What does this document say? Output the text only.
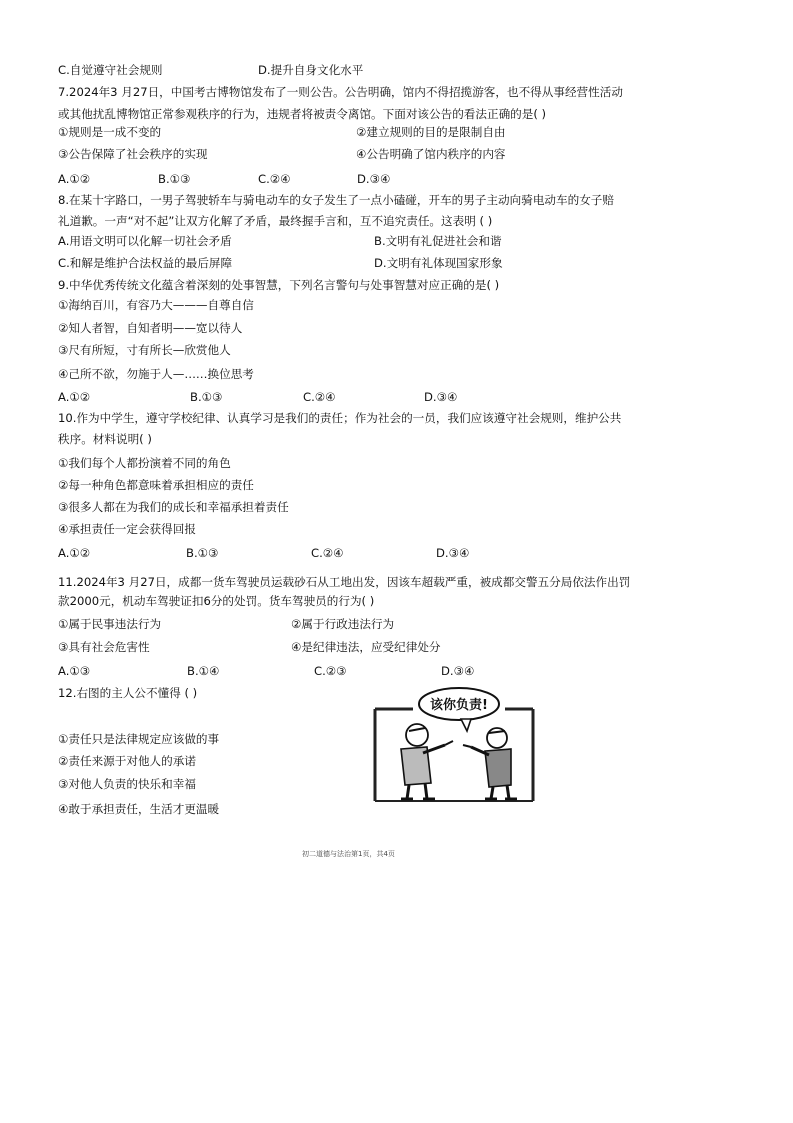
C.自觉遵守社会规则	D.提升自身文化水平
7.2024年3 月27日，中国考古博物馆发布了一则公告。公告明确，馆内不得招揽游客，也不得从事经营性活动
或其他扰乱博物馆正常参观秩序的行为，违规者将被责令离馆。下面对该公告的看法正确的是( )
①规则是一成不变的	②建立规则的目的是限制自由
③公告保障了社会秩序的实现	④公告明确了馆内秩序的内容
A.①②	B.①③	C.②④	D.③④
8.在某十字路口，一男子驾驶轿车与骑电动车的女子发生了一点小磕碰，开车的男子主动向骑电动车的女子赔
礼道歉。一声“对不起”让双方化解了矛盾，最终握手言和，互不追究责任。这表明 ( )
A.用语文明可以化解一切社会矛盾	B.文明有礼促进社会和谐
C.和解是维护合法权益的最后屏障	D.文明有礼体现国家形象
9.中华优秀传统文化蕴含着深刻的处事智慧，下列名言警句与处事智慧对应正确的是( )
①海纳百川，有容乃大———自尊自信
②知人者智，自知者明——宽以待人
③尺有所短，寸有所长—欣赏他人
④己所不欲，勿施于人—……换位思考
A.①②	B.①③	C.②④	D.③④
10.作为中学生，遵守学校纪律、认真学习是我们的责任；作为社会的一员，我们应该遵守社会规则，维护公共
秩序。材料说明( )
①我们每个人都扮演着不同的角色
②每一种角色都意味着承担相应的责任
③很多人都在为我们的成长和幸福承担着责任
④承担责任一定会获得回报
A.①②	B.①③	C.②④	D.③④
11.2024年3 月27日，成都一货车驾驶员运载砂石从工地出发，因该车超载严重，被成都交警五分局依法作出罚
款2000元，机动车驾驶证扣6分的处罚。货车驾驶员的行为( )
①属于民事违法行为	②属于行政违法行为
③具有社会危害性	④是纪律违法，应受纪律处分
A.①③	B.①④	C.②③	D.③④
12.右图的主人公不懂得 ( )
①责任只是法律规定应该做的事
②责任来源于对他人的承诺
③对他人负责的快乐和幸福
④敢于承担责任，生活才更温暖
该你负责!
初二道德与法治第1页，共4页
